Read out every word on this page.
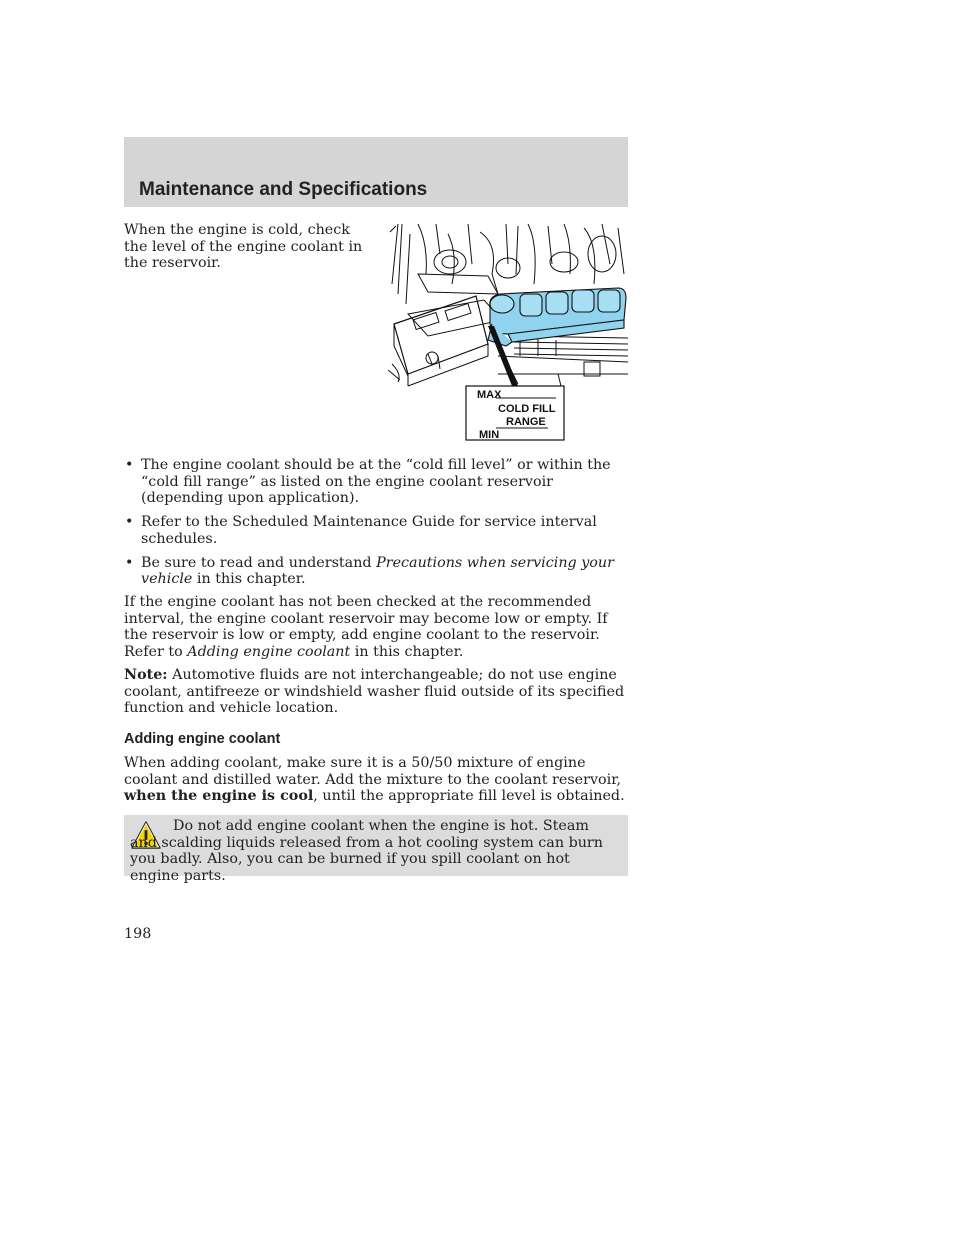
Maintenance and Specifications

When the engine is cold, check the level of the engine coolant in the reservoir.

MAX
COLD FILL
RANGE
MIN
• The engine coolant should be at the “cold fill level” or within the “cold fill range” as listed on the engine coolant reservoir (depending upon application).
• Refer to the Scheduled Maintenance Guide for service interval schedules.
• Be sure to read and understand Precautions when servicing your vehicle in this chapter.

If the engine coolant has not been checked at the recommended interval, the engine coolant reservoir may become low or empty. If the reservoir is low or empty, add engine coolant to the reservoir. Refer to Adding engine coolant in this chapter.

Note: Automotive fluids are not interchangeable; do not use engine coolant, antifreeze or windshield washer fluid outside of its specified function and vehicle location.

Adding engine coolant

When adding coolant, make sure it is a 50/50 mixture of engine coolant and distilled water. Add the mixture to the coolant reservoir, when the engine is cool, until the appropriate fill level is obtained.

Do not add engine coolant when the engine is hot. Steam and scalding liquids released from a hot cooling system can burn you badly. Also, you can be burned if you spill coolant on hot engine parts.

198
